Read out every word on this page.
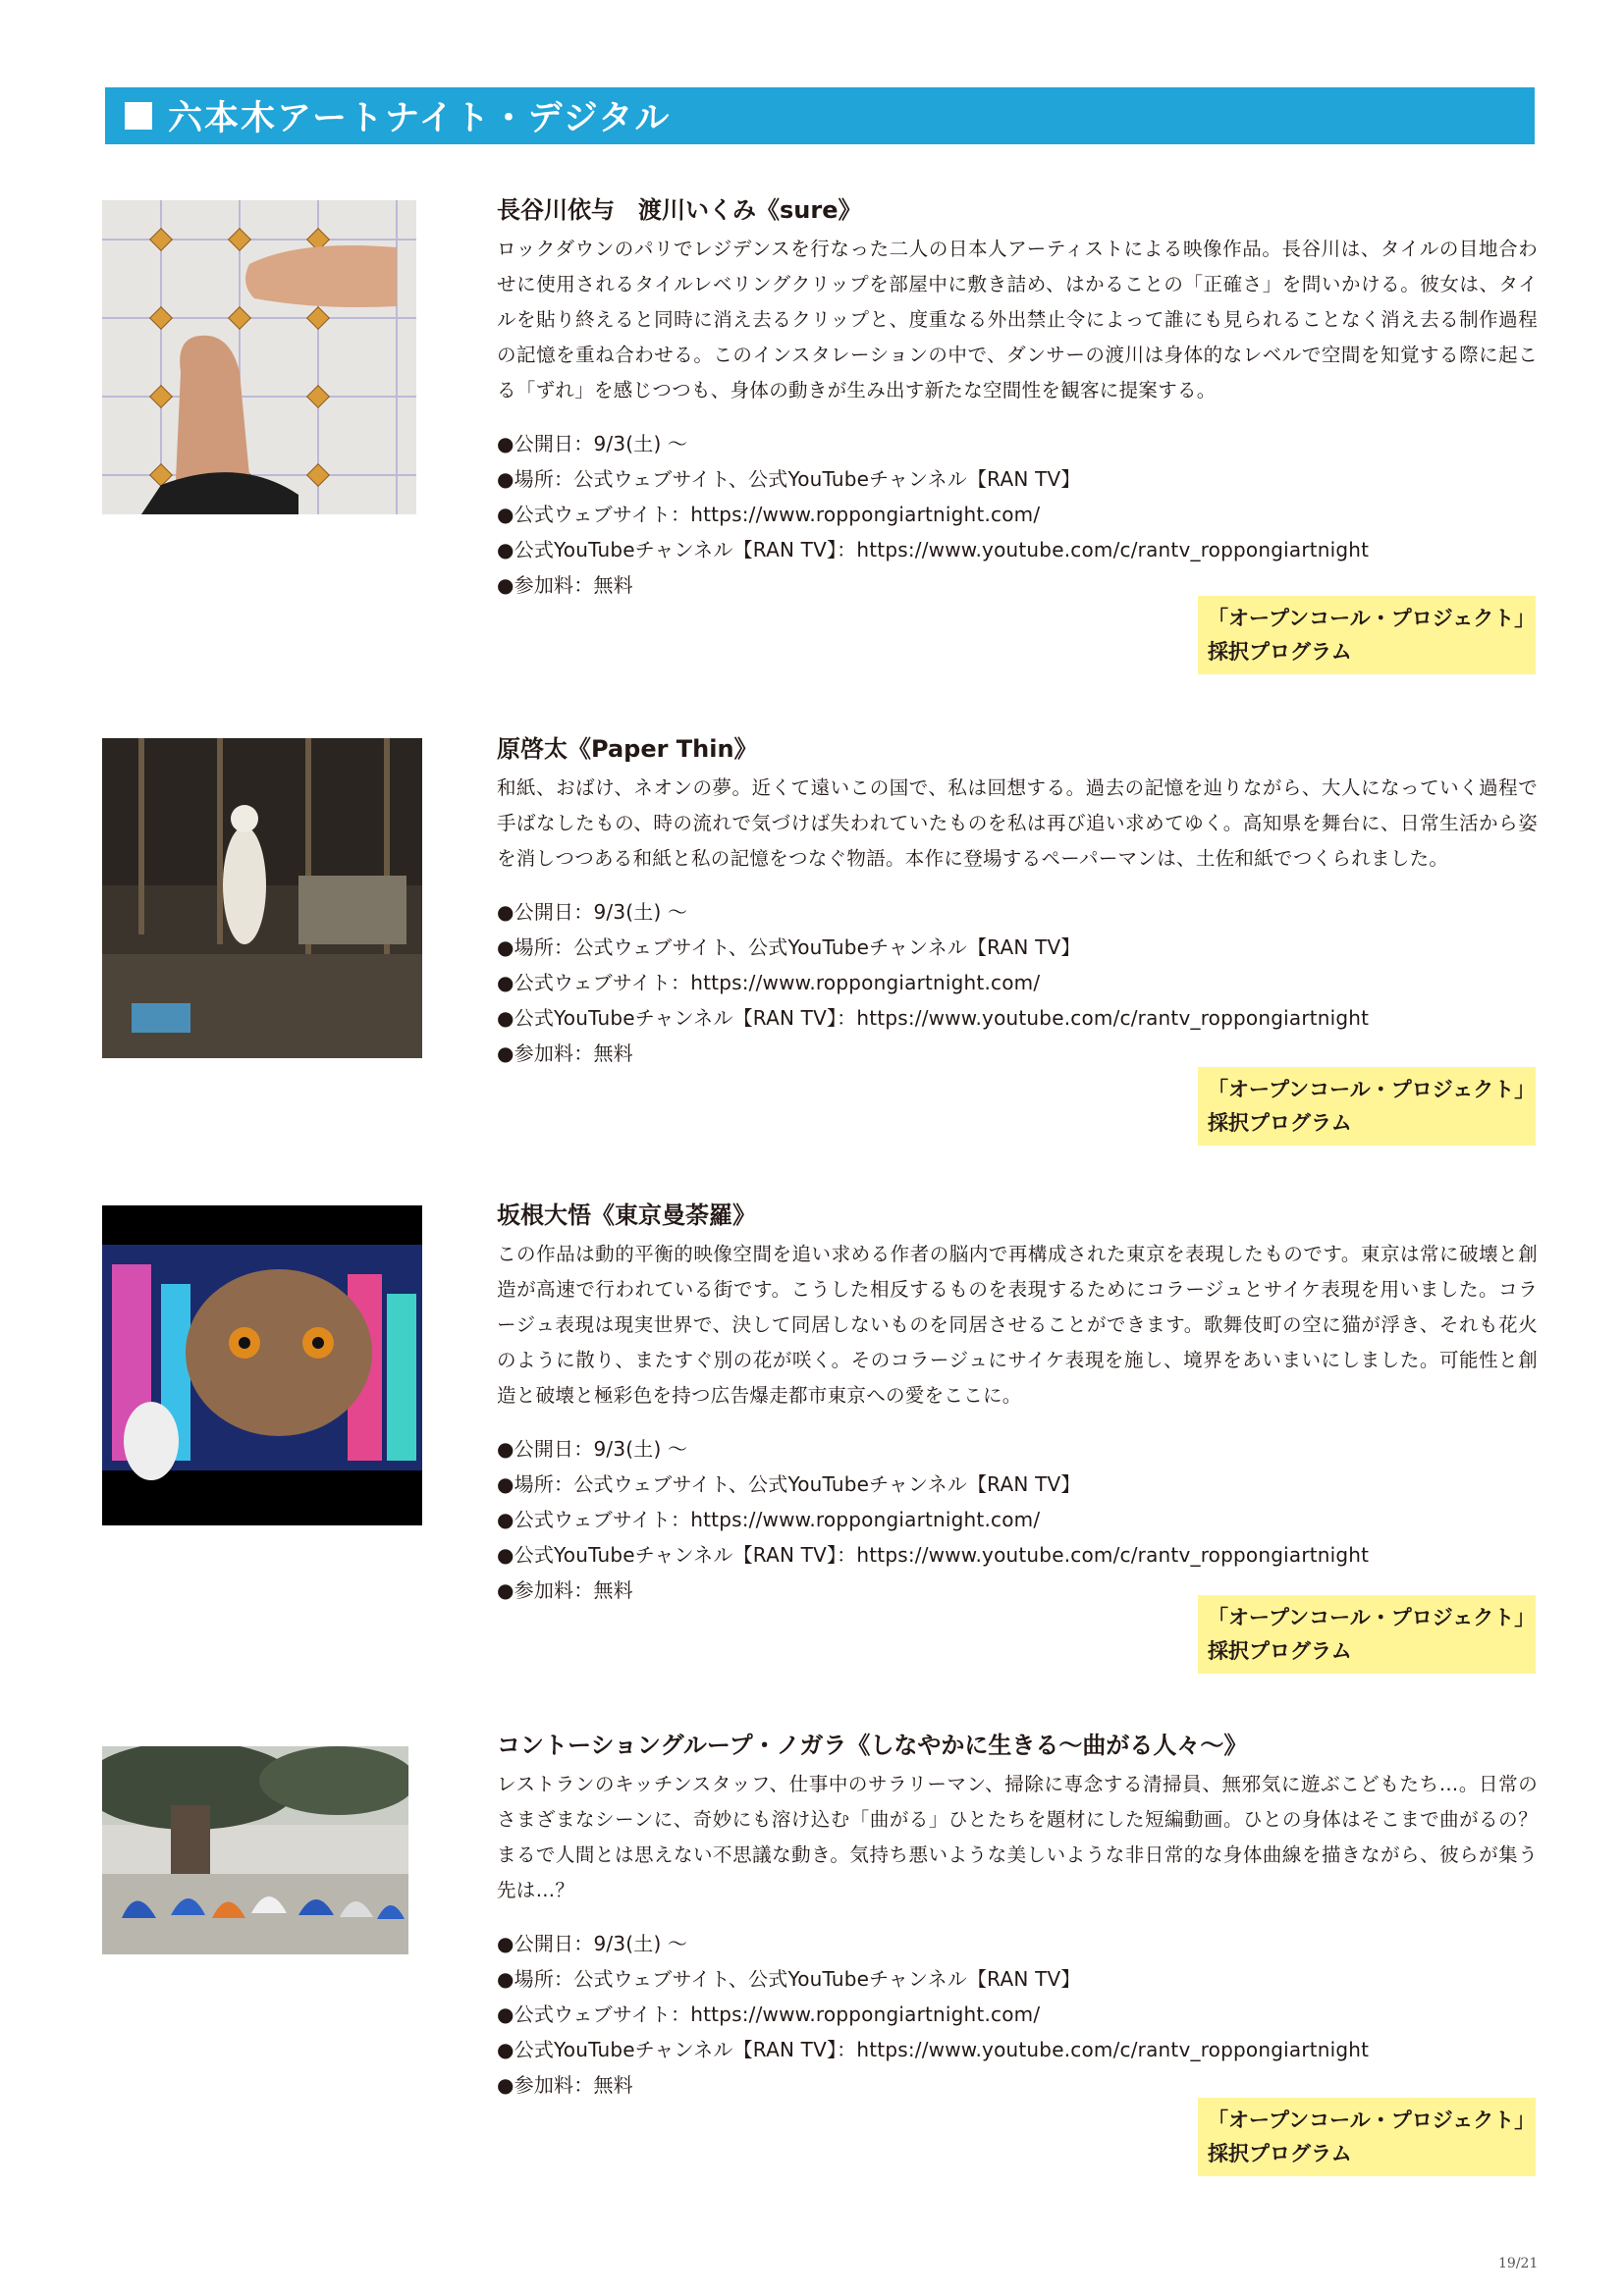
六本木アートナイト・デジタル
長谷川依与　渡川いくみ《sure》

ロックダウンのパリでレジデンスを行なった二人の日本人アーティストによる映像作品。長谷川は、タイルの目地合わせに使用されるタイルレベリングクリップを部屋中に敷き詰め、はかることの「正確さ」を問いかける。彼女は、タイルを貼り終えると同時に消え去るクリップと、度重なる外出禁止令によって誰にも見られることなく消え去る制作過程の記憶を重ね合わせる。このインスタレーションの中で、ダンサーの渡川は身体的なレベルで空間を知覚する際に起こる「ずれ」を感じつつも、身体の動きが生み出す新たな空間性を観客に提案する。

●公開日：9/3(土) 〜
●場所：公式ウェブサイト、公式YouTubeチャンネル【RAN TV】
●公式ウェブサイト：https://www.roppongiartnight.com/
●公式YouTubeチャンネル【RAN TV】：https://www.youtube.com/c/rantv_roppongiartnight
●参加料：無料
「オープンコール・プロジェクト」
採択プログラム
原啓太《Paper Thin》

和紙、おばけ、ネオンの夢。近くて遠いこの国で、私は回想する。過去の記憶を辿りながら、大人になっていく過程で手ばなしたもの、時の流れで気づけば失われていたものを私は再び追い求めてゆく。高知県を舞台に、日常生活から姿を消しつつある和紙と私の記憶をつなぐ物語。本作に登場するペーパーマンは、土佐和紙でつくられました。

●公開日：9/3(土) 〜
●場所：公式ウェブサイト、公式YouTubeチャンネル【RAN TV】
●公式ウェブサイト：https://www.roppongiartnight.com/
●公式YouTubeチャンネル【RAN TV】：https://www.youtube.com/c/rantv_roppongiartnight
●参加料：無料
「オープンコール・プロジェクト」
採択プログラム
坂根大悟《東京曼荼羅》

この作品は動的平衡的映像空間を追い求める作者の脳内で再構成された東京を表現したものです。東京は常に破壊と創造が高速で行われている街です。こうした相反するものを表現するためにコラージュとサイケ表現を用いました。コラージュ表現は現実世界で、決して同居しないものを同居させることができます。歌舞伎町の空に猫が浮き、それも花火のように散り、またすぐ別の花が咲く。そのコラージュにサイケ表現を施し、境界をあいまいにしました。可能性と創造と破壊と極彩色を持つ広告爆走都市東京への愛をここに。

●公開日：9/3(土) 〜
●場所：公式ウェブサイト、公式YouTubeチャンネル【RAN TV】
●公式ウェブサイト：https://www.roppongiartnight.com/
●公式YouTubeチャンネル【RAN TV】：https://www.youtube.com/c/rantv_roppongiartnight
●参加料：無料
「オープンコール・プロジェクト」
採択プログラム
コントーショングループ・ノガラ《しなやかに生きる〜曲がる人々〜》

レストランのキッチンスタッフ、仕事中のサラリーマン、掃除に専念する清掃員、無邪気に遊ぶこどもたち…。日常のさまざまなシーンに、奇妙にも溶け込む「曲がる」ひとたちを題材にした短編動画。ひとの身体はそこまで曲がるの？まるで人間とは思えない不思議な動き。気持ち悪いような美しいような非日常的な身体曲線を描きながら、彼らが集う先は…？

●公開日：9/3(土) 〜
●場所：公式ウェブサイト、公式YouTubeチャンネル【RAN TV】
●公式ウェブサイト：https://www.roppongiartnight.com/
●公式YouTubeチャンネル【RAN TV】：https://www.youtube.com/c/rantv_roppongiartnight
●参加料：無料
「オープンコール・プロジェクト」
採択プログラム
19/21
